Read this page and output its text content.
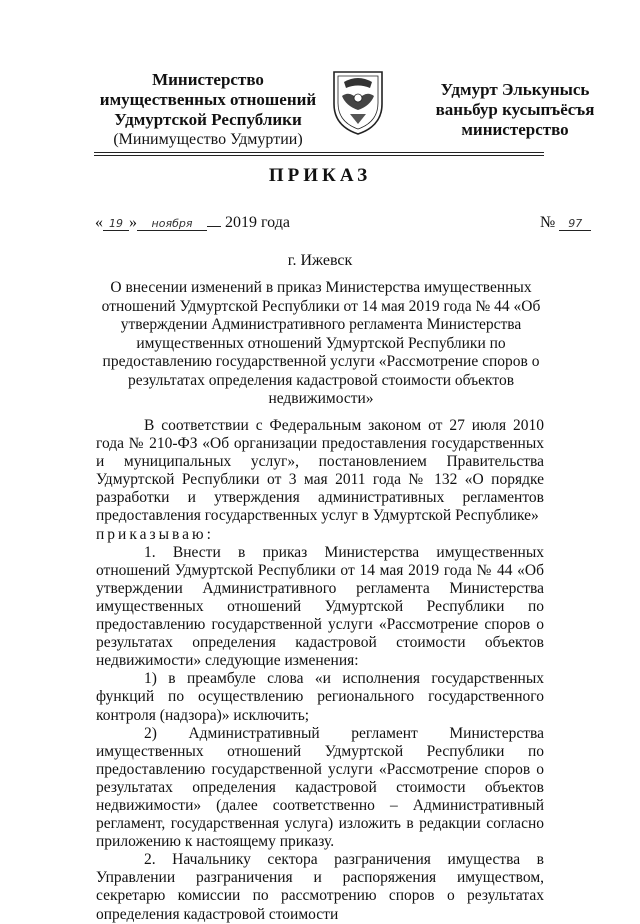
Министерство
имущественных отношений
Удмуртской Республики
(Минимущество Удмуртии)
Удмурт Элькунысь
ваньбур кусыпъёсъя
министерство
ПРИКАЗ
« 19 » ноября 2019 года	№ 97
г. Ижевск
О внесении изменений в приказ Министерства имущественных отношений Удмуртской Республики от 14 мая 2019 года № 44 «Об утверждении Административного регламента Министерства имущественных отношений Удмуртской Республики по предоставлению государственной услуги «Рассмотрение споров о результатах определения кадастровой стоимости объектов недвижимости»

В соответствии с Федеральным законом от 27 июля 2010 года № 210-ФЗ «Об организации предоставления государственных и муниципальных услуг», постановлением Правительства Удмуртской Республики от 3 мая 2011 года № 132 «О порядке разработки и утверждения административных регламентов предоставления государственных услуг в Удмуртской Республике»

приказываю:

1. Внести в приказ Министерства имущественных отношений Удмуртской Республики от 14 мая 2019 года № 44 «Об утверждении Административного регламента Министерства имущественных отношений Удмуртской Республики по предоставлению государственной услуги «Рассмотрение споров о результатах определения кадастровой стоимости объектов недвижимости» следующие изменения:

1) в преамбуле слова «и исполнения государственных функций по осуществлению регионального государственного контроля (надзора)» исключить;

2) Административный регламент Министерства имущественных отношений Удмуртской Республики по предоставлению государственной услуги «Рассмотрение споров о результатах определения кадастровой стоимости объектов недвижимости» (далее соответственно – Административный регламент, государственная услуга) изложить в редакции согласно приложению к настоящему приказу.

2. Начальнику сектора разграничения имущества в Управлении разграничения и распоряжения имуществом, секретарю комиссии по рассмотрению споров о результатах определения кадастровой стоимости
